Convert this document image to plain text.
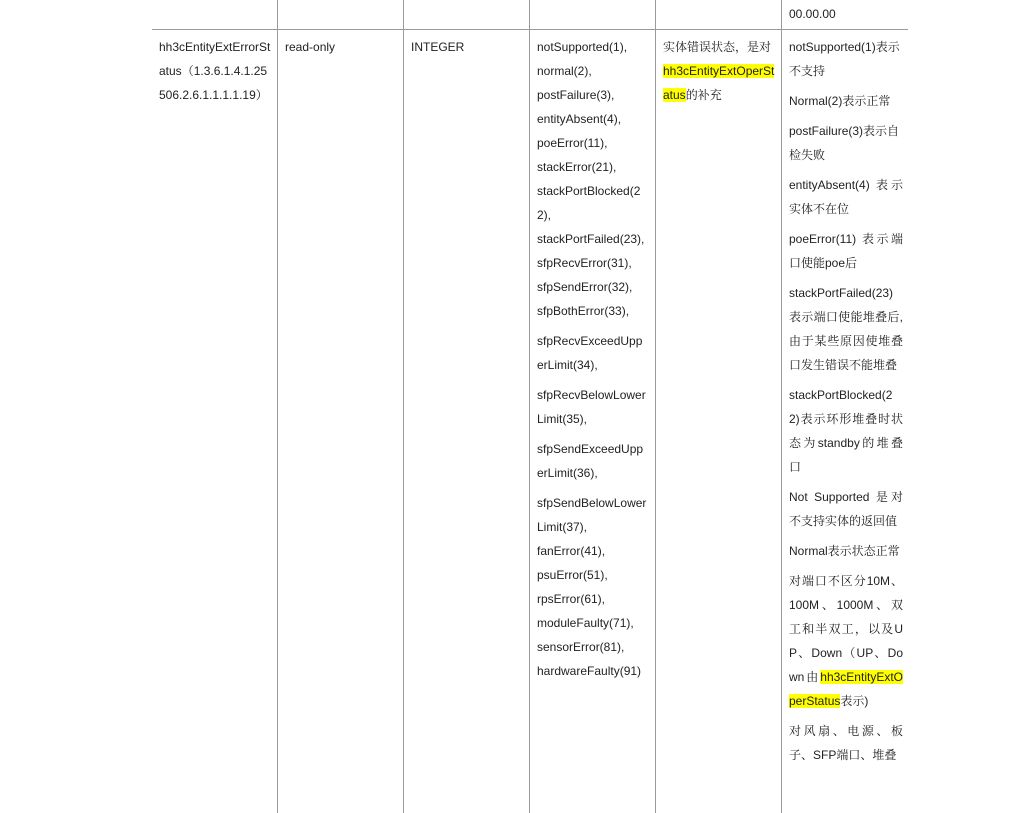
00.00.00
hh3cEntityExtErrorStatus（1.3.6.1.4.1.25506.2.6.1.1.1.1.19）
read-only	INTEGER	notSupported(1),

normal(2),

postFailure(3),

entityAbsent(4),

poeError(11),

stackError(21),

stackPortBlocked(22),

stackPortFailed(23),

sfpRecvError(31),

sfpSendError(32),

sfpBothError(33),

sfpRecvExceedUpperLimit(34),

sfpRecvBelowLowerLimit(35),

sfpSendExceedUpperLimit(36),

sfpSendBelowLowerLimit(37),

fanError(41),

psuError(51),

rpsError(61),

moduleFaulty(71),

sensorError(81),

hardwareFaulty(91)

实体错误状态，是对hh3cEntityExtOperStatus的补充

notSupported(1)表示不支持

Normal(2)表示正常

postFailure(3)表示自检失败

entityAbsent(4) 表示实体不在位

poeError(11) 表示端口使能poe后

stackPortFailed(23) 表示端口使能堆叠后,由于某些原因使堆叠口发生错误不能堆叠

stackPortBlocked(22)表示环形堆叠时状态为standby的堆叠口

Not Supported 是对不支持实体的返回值

Normal表示状态正常

对端口不区分10M、100M、1000M、双工和半双工，以及UP、Down（UP、Down由hh3cEntityExtOperStatus表示)

对风扇、电源、板子、SFP端口、堆叠
